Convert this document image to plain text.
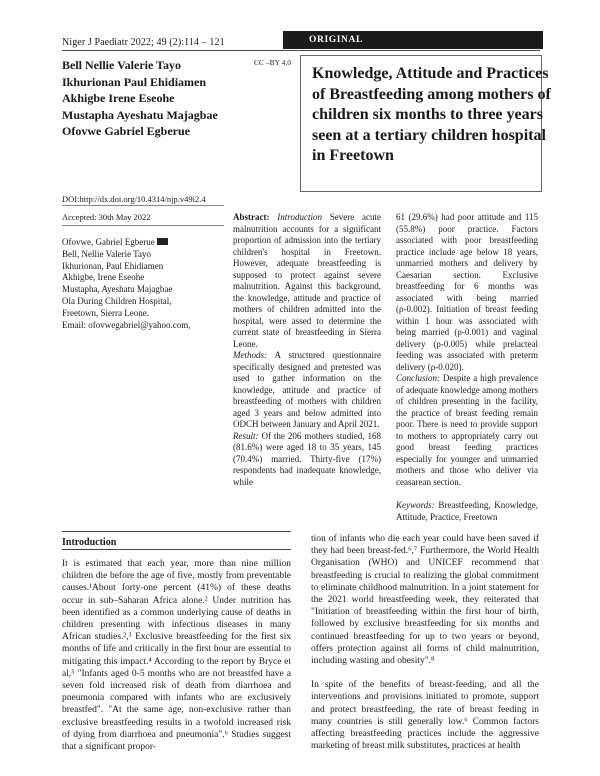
Niger J Paediatr 2022; 49 (2):114 – 121	ORIGINAL
Bell Nellie Valerie Tayo
Ikhurionan Paul Ehidiamen
Akhigbe Irene Eseohe
Mustapha Ayeshatu Majagbae
Ofovwe Gabriel Egberue
CC –BY 4.0
Knowledge, Attitude and Practices of Breastfeeding among mothers of children six months to three years seen at a tertiary children hospital in Freetown
DOI:http://dx.doi.org/10.4314/njp.v49i2.4
Accepted: 30th May 2022
Ofovwe, Gabriel Egberue
Bell, Nellie Valerie Tayo
Ikhurionan, Paul Ehidiamen
Akhigbe, Irene Eseohe
Mustapha, Ayeshatu Majagbae
Ola During Children Hospital,
Freetown, Sierra Leone.
Email: ofovwegabriel@yahoo.com,

Abstract: Introduction Severe acute malnutrition accounts for a significant proportion of admission into the tertiary children's hospital in Freetown. However, adequate breastfeeding is supposed to protect against severe malnutrition. Against this background, the knowledge, attitude and practice of mothers of children admitted into the hospital, were assed to determine the current state of breastfeeding in Sierra Leone.

Methods: A structured questionnaire specifically designed and pretested was used to gather information on the knowledge, attitude and practice of breastfeeding of mothers with children aged 3 years and below admitted into ODCH between January and April 2021.

Result: Of the 206 mothers studied, 168 (81.6%) were aged 18 to 35 years, 145 (70.4%) married. Thirty-five (17%) respondents had inadequate knowledge, while

61 (29.6%) had poor attitude and 115 (55.8%) poor practice. Factors associated with poor breastfeeding practice include age below 18 years, unmarried mothers and delivery by Caesarian section. Exclusive breastfeeding for 6 months was associated with being married (ρ-0.002). Initiation of breast feeding within 1 hour was associated with being married (ρ-0.001) and vaginal delivery (ρ-0.005) while prelacteal feeding was associated with preterm delivery (ρ-0.020).

Conclusion: Despite a high prevalence of adequate knowledge among mothers of children presenting in the facility, the practice of breast feeding remain poor. There is need to provide support to mothers to appropriately carry out good breast feeding practices especially for younger and unmarried mothers and those who deliver via ceasarean section.

Keywords: Breastfeeding, Knowledge, Attitude, Practice, Freetown

Introduction

It is estimated that each year, more than nine million children die before the age of five, mostly from preventable causes.¹About forty-one percent (41%) of these deaths occur in sub–Saharan Africa alone.² Under nutrition has been identified as a common underlying cause of deaths in children presenting with infectious diseases in many African studies.²,³ Exclusive breastfeeding for the first six months of life and critically in the first hour are essential to mitigating this impact.⁴ According to the report by Bryce et al,⁵ "Infants aged 0-5 months who are not breastfed have a seven fold increased risk of death from diarrhoea and pneumonia compared with infants who are exclusively breastfed". "At the same age, non-exclusive rather than exclusive breastfeeding results in a twofold increased risk of dying from diarrhoea and pneumonia".⁶ Studies suggest that a significant propor-

tion of infants who die each year could have been saved if they had been breast-fed.⁶,⁷ Furthermore, the World Health Organisation (WHO) and UNICEF recommend that breastfeeding is crucial to realizing the global commitment to eliminate childhood malnutrition. In a joint statement for the 2021 world breastfeeding week, they reiterated that "Initiation of breastfeeding within the first hour of birth, followed by exclusive breastfeeding for six months and continued breastfeeding for up to two years or beyond, offers protection against all forms of child malnutrition, including wasting and obesity".⁸

In spite of the benefits of breast-feeding, and all the interventions and provisions initiated to promote, support and protect breastfeeding, the rate of breast feeding in many countries is still generally low.⁶ Common factors affecting breastfeeding practices include the aggressive marketing of breast milk substitutes, practices at health
